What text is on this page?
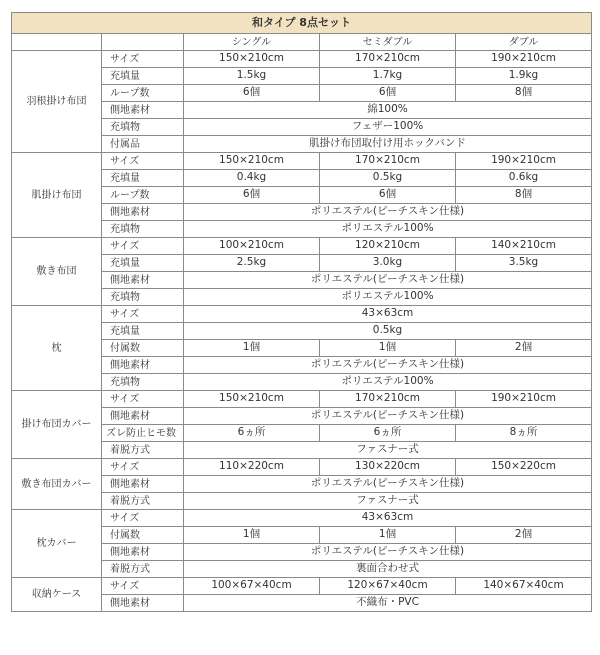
和タイプ 8点セット				
		シングル	セミダブル	ダブル
羽根掛け布団	サイズ	150×210cm	170×210cm	190×210cm
	充填量	1.5kg	1.7kg	1.9kg
	ループ数	6個	6個	8個
	側地素材	綿100%		
	充填物	フェザー100%		
	付属品	肌掛け布団取付け用ホックバンド		
肌掛け布団	サイズ	150×210cm	170×210cm	190×210cm
	充填量	0.4kg	0.5kg	0.6kg
	ループ数	6個	6個	8個
	側地素材	ポリエステル(ピーチスキン仕様)		
	充填物	ポリエステル100%		
敷き布団	サイズ	100×210cm	120×210cm	140×210cm
	充填量	2.5kg	3.0kg	3.5kg
	側地素材	ポリエステル(ピーチスキン仕様)		
	充填物	ポリエステル100%		
枕	サイズ	43×63cm		
	充填量	0.5kg		
	付属数	1個	1個	2個
	側地素材	ポリエステル(ピーチスキン仕様)		
	充填物	ポリエステル100%		
掛け布団カバー	サイズ	150×210cm	170×210cm	190×210cm
	側地素材	ポリエステル(ピーチスキン仕様)		
	ズレ防止ヒモ数	6ヵ所	6ヵ所	8ヵ所
	着脱方式	ファスナー式		
敷き布団カバー	サイズ	110×220cm	130×220cm	150×220cm
	側地素材	ポリエステル(ピーチスキン仕様)		
	着脱方式	ファスナー式		
枕カバー	サイズ	43×63cm		
	付属数	1個	1個	2個
	側地素材	ポリエステル(ピーチスキン仕様)		
	着脱方式	裏面合わせ式		
収納ケース	サイズ	100×67×40cm	120×67×40cm	140×67×40cm
	側地素材	不織布・PVC		
